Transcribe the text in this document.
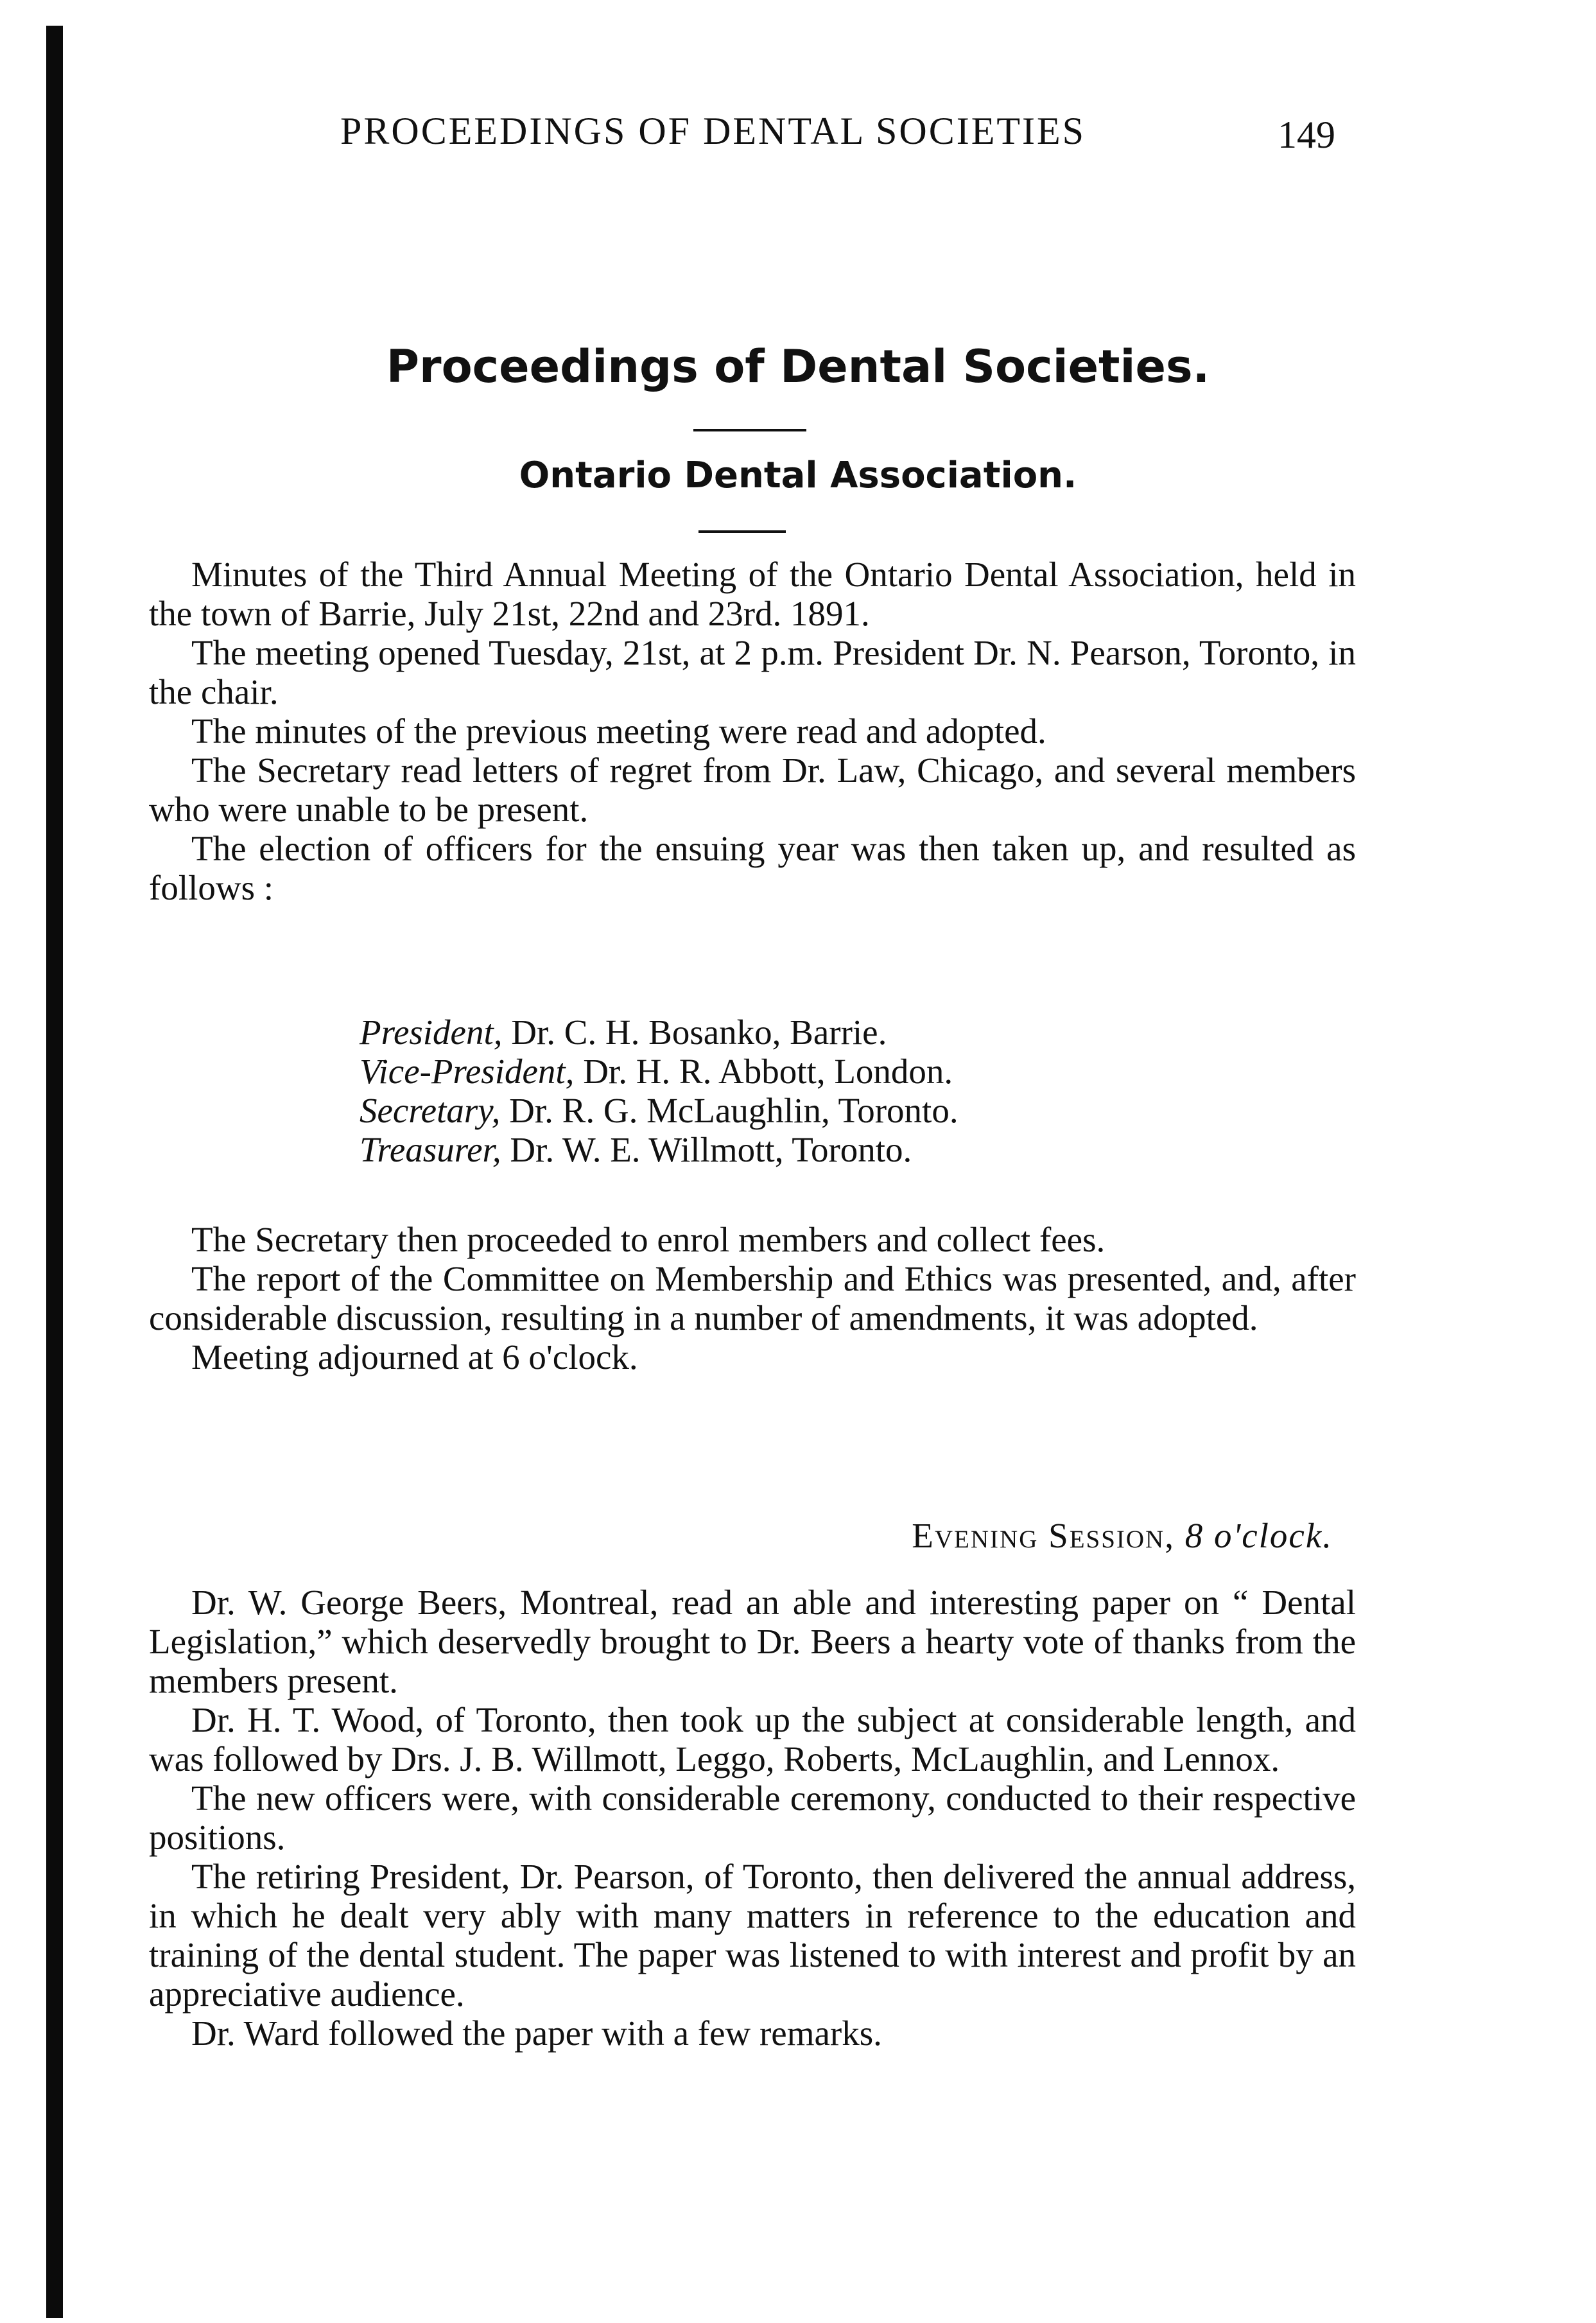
PROCEEDINGS OF DENTAL SOCIETIES	149
Proceedings of Dental Societies.
Ontario Dental Association.

Minutes of the Third Annual Meeting of the Ontario Dental Association, held in the town of Barrie, July 21st, 22nd and 23rd. 1891.

The meeting opened Tuesday, 21st, at 2 p.m. President Dr. N. Pearson, Toronto, in the chair.

The minutes of the previous meeting were read and adopted.

The Secretary read letters of regret from Dr. Law, Chicago, and several members who were unable to be present.

The election of officers for the ensuing year was then taken up, and resulted as follows :

President, Dr. C. H. Bosanko, Barrie.
Vice-President, Dr. H. R. Abbott, London.
Secretary, Dr. R. G. McLaughlin, Toronto.
Treasurer, Dr. W. E. Willmott, Toronto.

The Secretary then proceeded to enrol members and collect fees.

The report of the Committee on Membership and Ethics was presented, and, after considerable discussion, resulting in a number of amendments, it was adopted.

Meeting adjourned at 6 o'clock.

Evening Session, 8 o'clock.

Dr. W. George Beers, Montreal, read an able and interesting paper on “ Dental Legislation,” which deservedly brought to Dr. Beers a hearty vote of thanks from the members present.

Dr. H. T. Wood, of Toronto, then took up the subject at considerable length, and was followed by Drs. J. B. Willmott, Leggo, Roberts, McLaughlin, and Lennox.

The new officers were, with considerable ceremony, conducted to their respective positions.

The retiring President, Dr. Pearson, of Toronto, then delivered the annual address, in which he dealt very ably with many matters in reference to the education and training of the dental student. The paper was listened to with interest and profit by an appreciative audience.

Dr. Ward followed the paper with a few remarks.
